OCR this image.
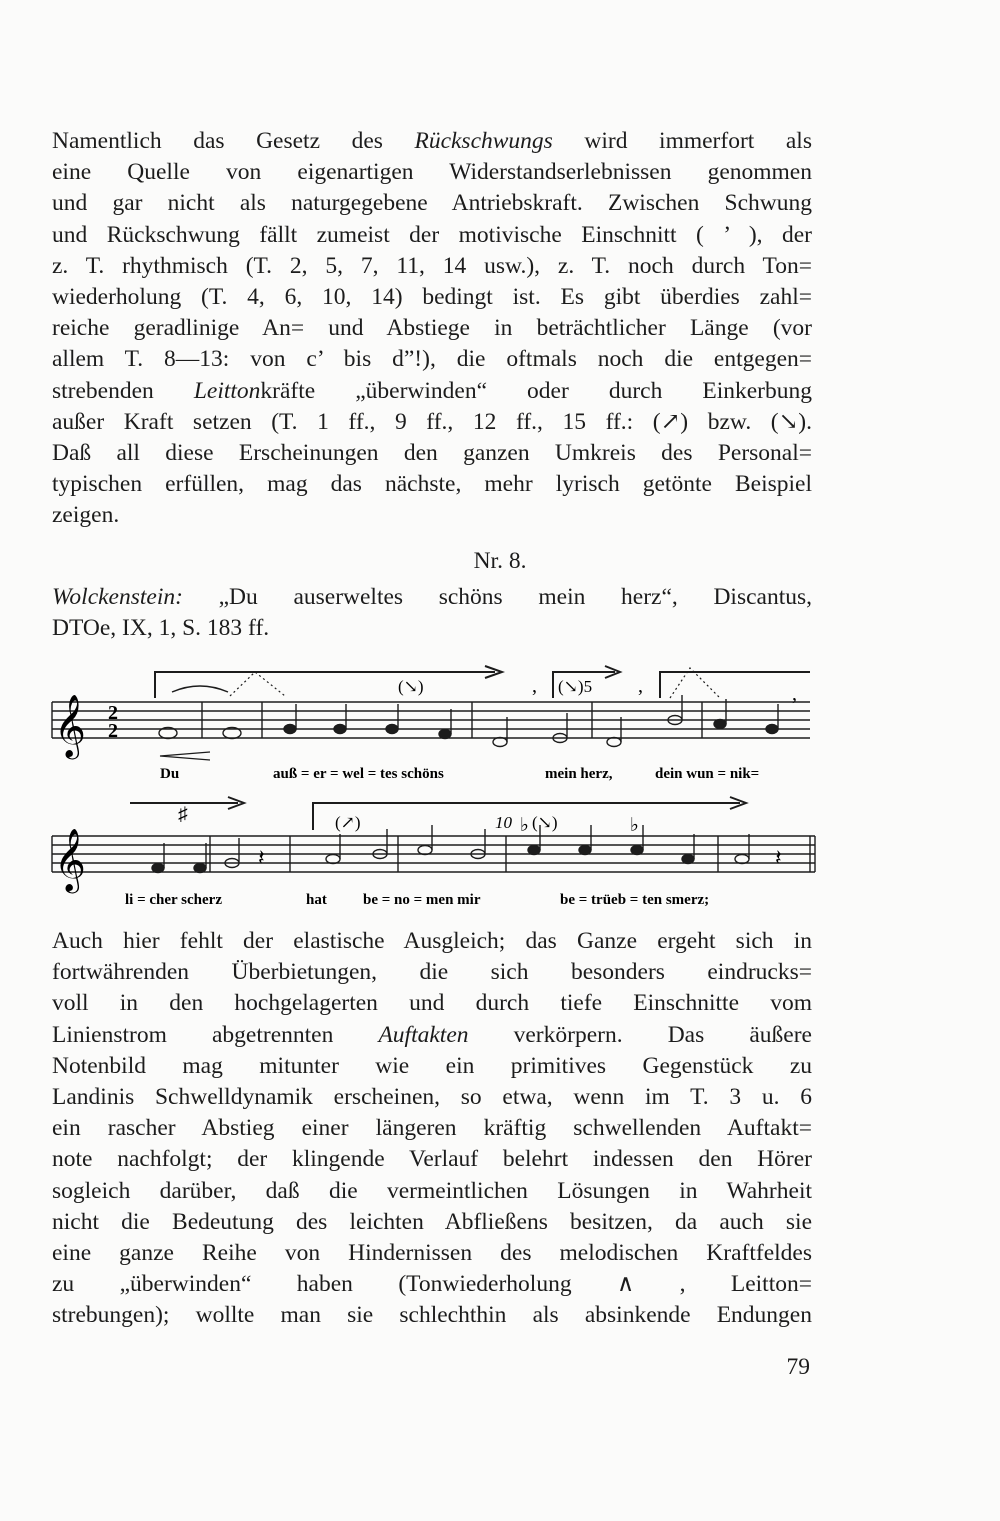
Namentlich das Gesetz des Rückschwungs wird immerfort als
eine Quelle von eigenartigen Widerstandserlebnissen genommen
und gar nicht als naturgegebene Antriebskraft. Zwischen Schwung
und Rückschwung fällt zumeist der motivische Einschnitt ( ’ ), der
z. T. rhythmisch (T. 2, 5, 7, 11, 14 usw.), z. T. noch durch Ton=
wiederholung (T. 4, 6, 10, 14) bedingt ist. Es gibt überdies zahl=
reiche geradlinige An= und Abstiege in beträchtlicher Länge (vor
allem T. 8—13: von c’ bis d”!), die oftmals noch die entgegen=
strebenden Leittonkräfte „überwinden“ oder durch Einkerbung
außer Kraft setzen (T. 1 ff., 9 ff., 12 ff., 15 ff.: (↗) bzw. (↘).
Daß all diese Erscheinungen den ganzen Umkreis des Personal=
typischen erfüllen, mag das nächste, mehr lyrisch getönte Beispiel
zeigen.
Nr. 8.
Wolckenstein: „Du auserweltes schöns mein herz“, Discantus,
DTOe, IX, 1, S. 183 ff.
𝄞
𝄞
2
2
𝄽	𝄽
(↘)	, (↘)5 ,	,
♯	(↗)	10 ♭ (↘)	♭
Du	auß = er = wel = tes schöns	mein herz,	dein wun = nik=
li = cher scherz	hat be = no = men mir	be = trüeb = ten smerz;
Auch hier fehlt der elastische Ausgleich; das Ganze ergeht sich in
fortwährenden Überbietungen, die sich besonders eindrucks=
voll in den hochgelagerten und durch tiefe Einschnitte vom
Linienstrom abgetrennten Auftakten verkörpern. Das äußere
Notenbild mag mitunter wie ein primitives Gegenstück zu
Landinis Schwelldynamik erscheinen, so etwa, wenn im T. 3 u. 6
ein rascher Abstieg einer längeren kräftig schwellenden Auftakt=
note nachfolgt; der klingende Verlauf belehrt indessen den Hörer
sogleich darüber, daß die vermeintlichen Lösungen in Wahrheit
nicht die Bedeutung des leichten Abfließens besitzen, da auch sie
eine ganze Reihe von Hindernissen des melodischen Kraftfeldes
zu „überwinden“ haben (Tonwiederholung ∧ , Leitton=
strebungen); wollte man sie schlechthin als absinkende Endungen
79
